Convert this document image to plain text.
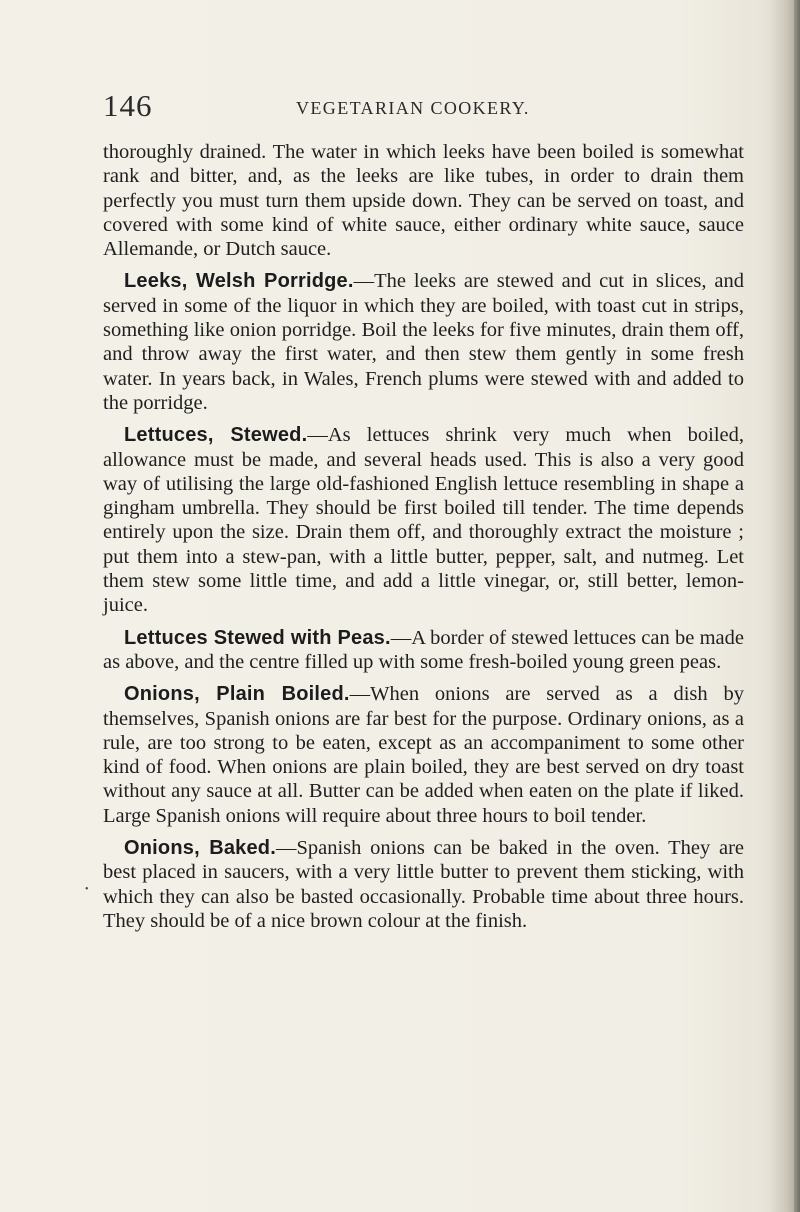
146	VEGETARIAN COOKERY.

thoroughly drained. The water in which leeks have been boiled is somewhat rank and bitter, and, as the leeks are like tubes, in order to drain them perfectly you must turn them upside down. They can be served on toast, and covered with some kind of white sauce, either ordinary white sauce, sauce Allemande, or Dutch sauce.

Leeks, Welsh Porridge.—The leeks are stewed and cut in slices, and served in some of the liquor in which they are boiled, with toast cut in strips, something like onion porridge. Boil the leeks for five minutes, drain them off, and throw away the first water, and then stew them gently in some fresh water. In years back, in Wales, French plums were stewed with and added to the porridge.

Lettuces, Stewed.—As lettuces shrink very much when boiled, allowance must be made, and several heads used. This is also a very good way of utilising the large old-fashioned English lettuce resembling in shape a gingham umbrella. They should be first boiled till tender. The time depends entirely upon the size. Drain them off, and thoroughly extract the moisture ; put them into a stew-pan, with a little butter, pepper, salt, and nutmeg. Let them stew some little time, and add a little vinegar, or, still better, lemon-juice.

Lettuces Stewed with Peas.—A border of stewed lettuces can be made as above, and the centre filled up with some fresh-boiled young green peas.

Onions, Plain Boiled.—When onions are served as a dish by themselves, Spanish onions are far best for the purpose. Ordinary onions, as a rule, are too strong to be eaten, except as an accompaniment to some other kind of food. When onions are plain boiled, they are best served on dry toast without any sauce at all. Butter can be added when eaten on the plate if liked. Large Spanish onions will require about three hours to boil tender.

Onions, Baked.—Spanish onions can be baked in the oven. They are best placed in saucers, with a very little butter to prevent them sticking, with which they can also be basted occasionally. Probable time about three hours. They should be of a nice brown colour at the finish.

•
